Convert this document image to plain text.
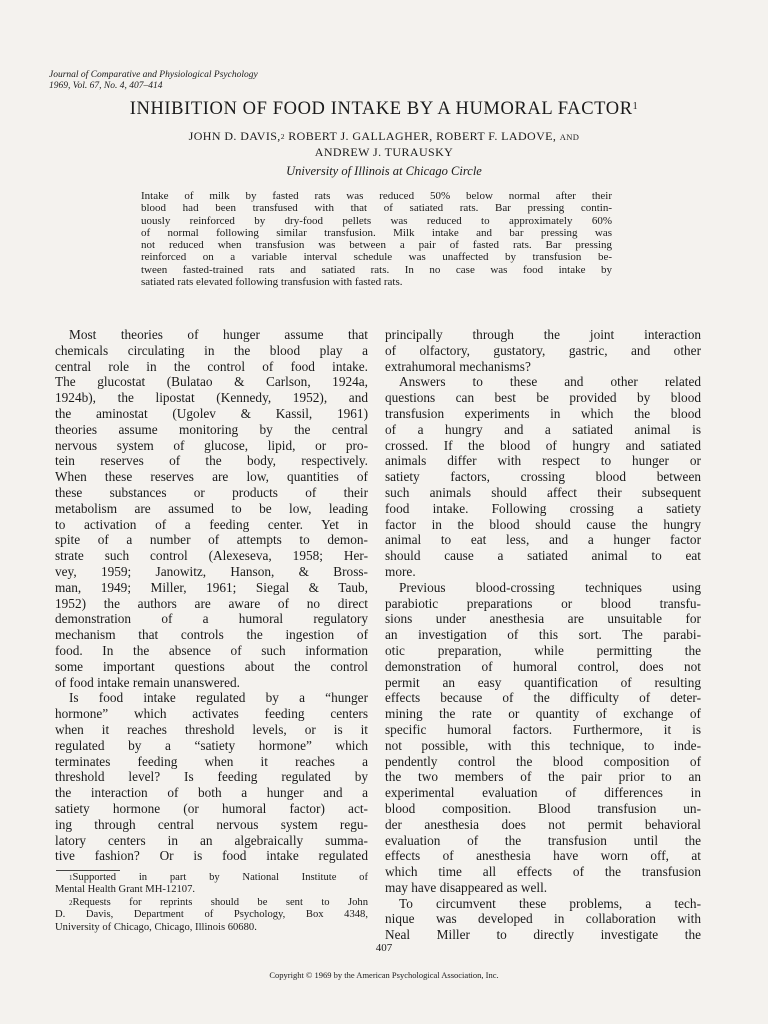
Journal of Comparative and Physiological Psychology
1969, Vol. 67, No. 4, 407–414
INHIBITION OF FOOD INTAKE BY A HUMORAL FACTOR$^1$
JOHN D. DAVIS,$^2$ ROBERT J. GALLAGHER, ROBERT F. LADOVE, AND
ANDREW J. TURAUSKY
University of Illinois at Chicago Circle
Intake of milk by fasted rats was reduced 50% below normal after their
blood had been transfused with that of satiated rats. Bar pressing contin-
uously reinforced by dry-food pellets was reduced to approximately 60%
of normal following similar transfusion. Milk intake and bar pressing was
not reduced when transfusion was between a pair of fasted rats. Bar pressing
reinforced on a variable interval schedule was unaffected by transfusion be-
tween fasted-trained rats and satiated rats. In no case was food intake by
satiated rats elevated following transfusion with fasted rats.
Most theories of hunger assume that
chemicals circulating in the blood play a
central role in the control of food intake.
The glucostat (Bulatao & Carlson, 1924a,
1924b), the lipostat (Kennedy, 1952), and
the aminostat (Ugolev & Kassil, 1961)
theories assume monitoring by the central
nervous system of glucose, lipid, or pro-
tein reserves of the body, respectively.
When these reserves are low, quantities of
these substances or products of their
metabolism are assumed to be low, leading
to activation of a feeding center. Yet in
spite of a number of attempts to demon-
strate such control (Alexeseva, 1958; Her-
vey, 1959; Janowitz, Hanson, & Bross-
man, 1949; Miller, 1961; Siegal & Taub,
1952) the authors are aware of no direct
demonstration of a humoral regulatory
mechanism that controls the ingestion of
food. In the absence of such information
some important questions about the control
of food intake remain unanswered.
Is food intake regulated by a “hunger
hormone” which activates feeding centers
when it reaches threshold levels, or is it
regulated by a “satiety hormone” which
terminates feeding when it reaches a
threshold level? Is feeding regulated by
the interaction of both a hunger and a
satiety hormone (or humoral factor) act-
ing through central nervous system regu-
latory centers in an algebraically summa-
tive fashion? Or is food intake regulated
principally through the joint interaction
of olfactory, gustatory, gastric, and other
extrahumoral mechanisms?
Answers to these and other related
questions can best be provided by blood
transfusion experiments in which the blood
of a hungry and a satiated animal is
crossed. If the blood of hungry and satiated
animals differ with respect to hunger or
satiety factors, crossing blood between
such animals should affect their subsequent
food intake. Following crossing a satiety
factor in the blood should cause the hungry
animal to eat less, and a hunger factor
should cause a satiated animal to eat
more.
Previous blood-crossing techniques using
parabiotic preparations or blood transfu-
sions under anesthesia are unsuitable for
an investigation of this sort. The parabi-
otic preparation, while permitting the
demonstration of humoral control, does not
permit an easy quantification of resulting
effects because of the difficulty of deter-
mining the rate or quantity of exchange of
specific humoral factors. Furthermore, it is
not possible, with this technique, to inde-
pendently control the blood composition of
the two members of the pair prior to an
experimental evaluation of differences in
blood composition. Blood transfusion un-
der anesthesia does not permit behavioral
evaluation of the transfusion until the
effects of anesthesia have worn off, at
which time all effects of the transfusion
may have disappeared as well.
To circumvent these problems, a tech-
nique was developed in collaboration with
Neal Miller to directly investigate the
$^1$Supported in part by National Institute of
Mental Health Grant MH-12107.
$^2$Requests for reprints should be sent to John
D. Davis, Department of Psychology, Box 4348,
University of Chicago, Chicago, Illinois 60680.
407
Copyright © 1969 by the American Psychological Association, Inc.
